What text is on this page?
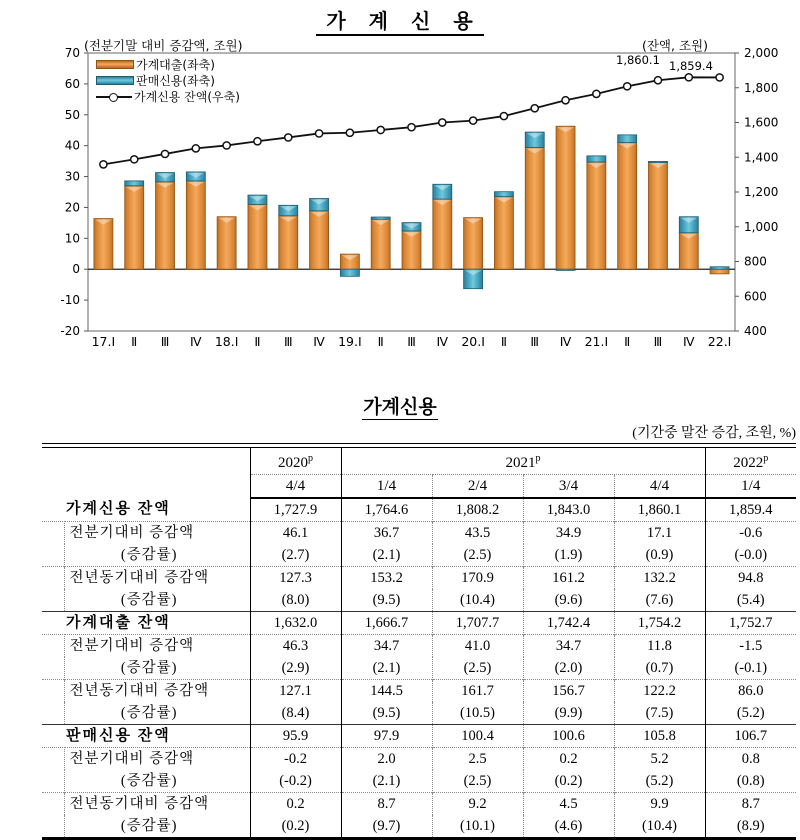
가 계 신 용
(전분기말 대비 증감액, 조원)	(잔액, 조원)
70
60
50
40
30
20
10
0
-10
-20
2,000
1,800
1,600
1,400
1,200
1,000
800
600
400
17.Ⅰ Ⅱ Ⅲ Ⅳ 18.Ⅰ Ⅱ Ⅲ Ⅳ 19.Ⅰ Ⅱ Ⅲ Ⅳ 20.Ⅰ Ⅱ Ⅲ Ⅳ 21.Ⅰ Ⅱ Ⅲ Ⅳ 22.Ⅰ
가계대출(좌축)
판매신용(좌축)
가계신용 잔액(우축)
1,860.1 1,859.4
가계신용
(기간중 말잔 증감, 조원, %)
		2020$^p$	2021$^p$				2022$^p$
		4/4	1/4	2/4	3/4	4/4	1/4
가계신용 잔액		1,727.9	1,764.6	1,808.2	1,843.0	1,860.1	1,859.4
	전분기대비 증감액	46.1	36.7	43.5	34.9	17.1	-0.6
	(증감률)	(2.7)	(2.1)	(2.5)	(1.9)	(0.9)	(-0.0)
	전년동기대비 증감액	127.3	153.2	170.9	161.2	132.2	94.8
	(증감률)	(8.0)	(9.5)	(10.4)	(9.6)	(7.6)	(5.4)
가계대출 잔액		1,632.0	1,666.7	1,707.7	1,742.4	1,754.2	1,752.7
	전분기대비 증감액	46.3	34.7	41.0	34.7	11.8	-1.5
	(증감률)	(2.9)	(2.1)	(2.5)	(2.0)	(0.7)	(-0.1)
	전년동기대비 증감액	127.1	144.5	161.7	156.7	122.2	86.0
	(증감률)	(8.4)	(9.5)	(10.5)	(9.9)	(7.5)	(5.2)
판매신용 잔액		95.9	97.9	100.4	100.6	105.8	106.7
	전분기대비 증감액	-0.2	2.0	2.5	0.2	5.2	0.8
	(증감률)	(-0.2)	(2.1)	(2.5)	(0.2)	(5.2)	(0.8)
	전년동기대비 증감액	0.2	8.7	9.2	4.5	9.9	8.7
	(증감률)	(0.2)	(9.7)	(10.1)	(4.6)	(10.4)	(8.9)
